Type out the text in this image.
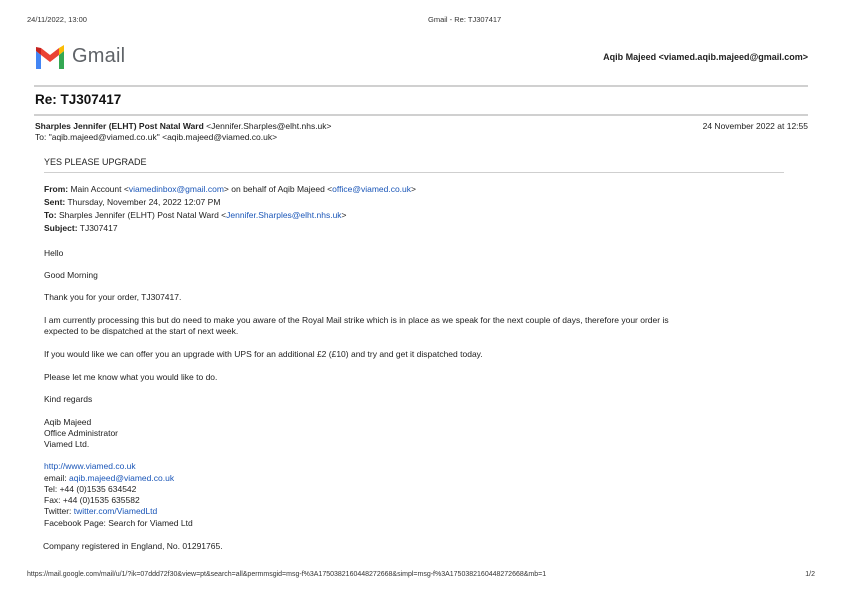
24/11/2022, 13:00	Gmail - Re: TJ307417
Gmail	Aqib Majeed <viamed.aqib.majeed@gmail.com>
Re: TJ307417
Sharples Jennifer (ELHT) Post Natal Ward <Jennifer.Sharples@elht.nhs.uk>
To: "aqib.majeed@viamed.co.uk" <aqib.majeed@viamed.co.uk>
24 November 2022 at 12:55
YES PLEASE UPGRADE
From: Main Account <viamedinbox@gmail.com> on behalf of Aqib Majeed <office@viamed.co.uk>
Sent: Thursday, November 24, 2022 12:07 PM
To: Sharples Jennifer (ELHT) Post Natal Ward <Jennifer.Sharples@elht.nhs.uk>
Subject: TJ307417
Hello
Good Morning
Thank you for your order, TJ307417.
I am currently processing this but do need to make you aware of the Royal Mail strike which is in place as we speak for the next couple of days, therefore your order is
expected to be dispatched at the start of next week.
If you would like we can offer you an upgrade with UPS for an additional £2 (£10) and try and get it dispatched today.
Please let me know what you would like to do.
Kind regards
Aqib Majeed
Office Administrator
Viamed Ltd.
http://www.viamed.co.uk
email: aqib.majeed@viamed.co.uk
Tel: +44 (0)1535 634542
Fax: +44 (0)1535 635582
Twitter: twitter.com/ViamedLtd
Facebook Page: Search for Viamed Ltd
Company registered in England, No. 01291765.
https://mail.google.com/mail/u/1/?ik=07ddd72f30&view=pt&search=all&permmsgid=msg-f%3A1750382160448272668&simpl=msg-f%3A1750382160448272668&mb=1	1/2
